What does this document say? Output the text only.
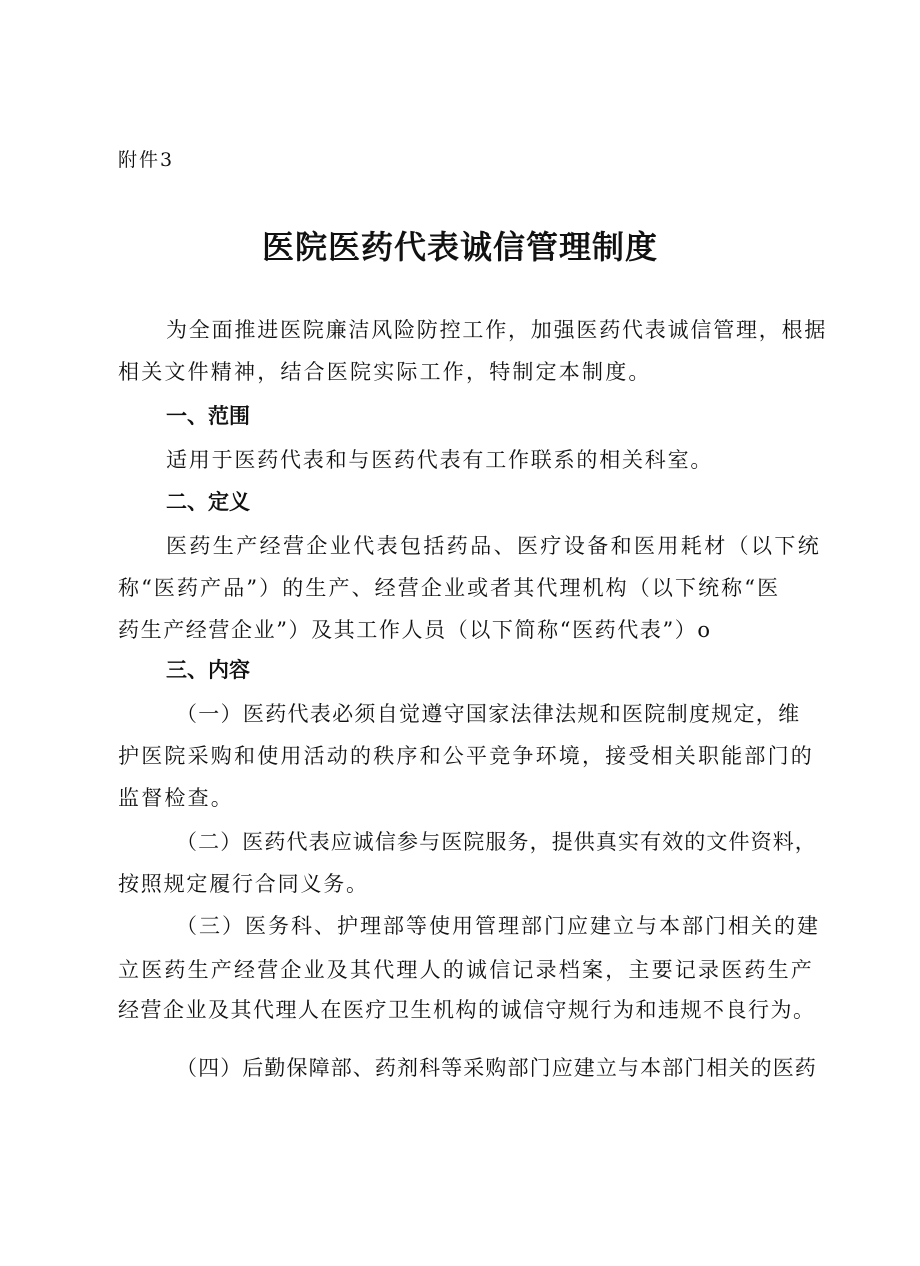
附件3
医院医药代表诚信管理制度
为全面推进医院廉洁风险防控工作，加强医药代表诚信管理，根据
相关文件精神，结合医院实际工作，特制定本制度。
一、范围
适用于医药代表和与医药代表有工作联系的相关科室。
二、定义
医药生产经营企业代表包括药品、医疗设备和医用耗材（以下统
称“医药产品”）的生产、经营企业或者其代理机构（以下统称“医
药生产经营企业”）及其工作人员（以下简称“医药代表”）o
三、内容
（一）医药代表必须自觉遵守国家法律法规和医院制度规定，维
护医院采购和使用活动的秩序和公平竞争环境，接受相关职能部门的
监督检查。
（二）医药代表应诚信参与医院服务，提供真实有效的文件资料，
按照规定履行合同义务。
（三）医务科、护理部等使用管理部门应建立与本部门相关的建
立医药生产经营企业及其代理人的诚信记录档案，主要记录医药生产
经营企业及其代理人在医疗卫生机构的诚信守规行为和违规不良行为。
（四）后勤保障部、药剂科等采购部门应建立与本部门相关的医药
